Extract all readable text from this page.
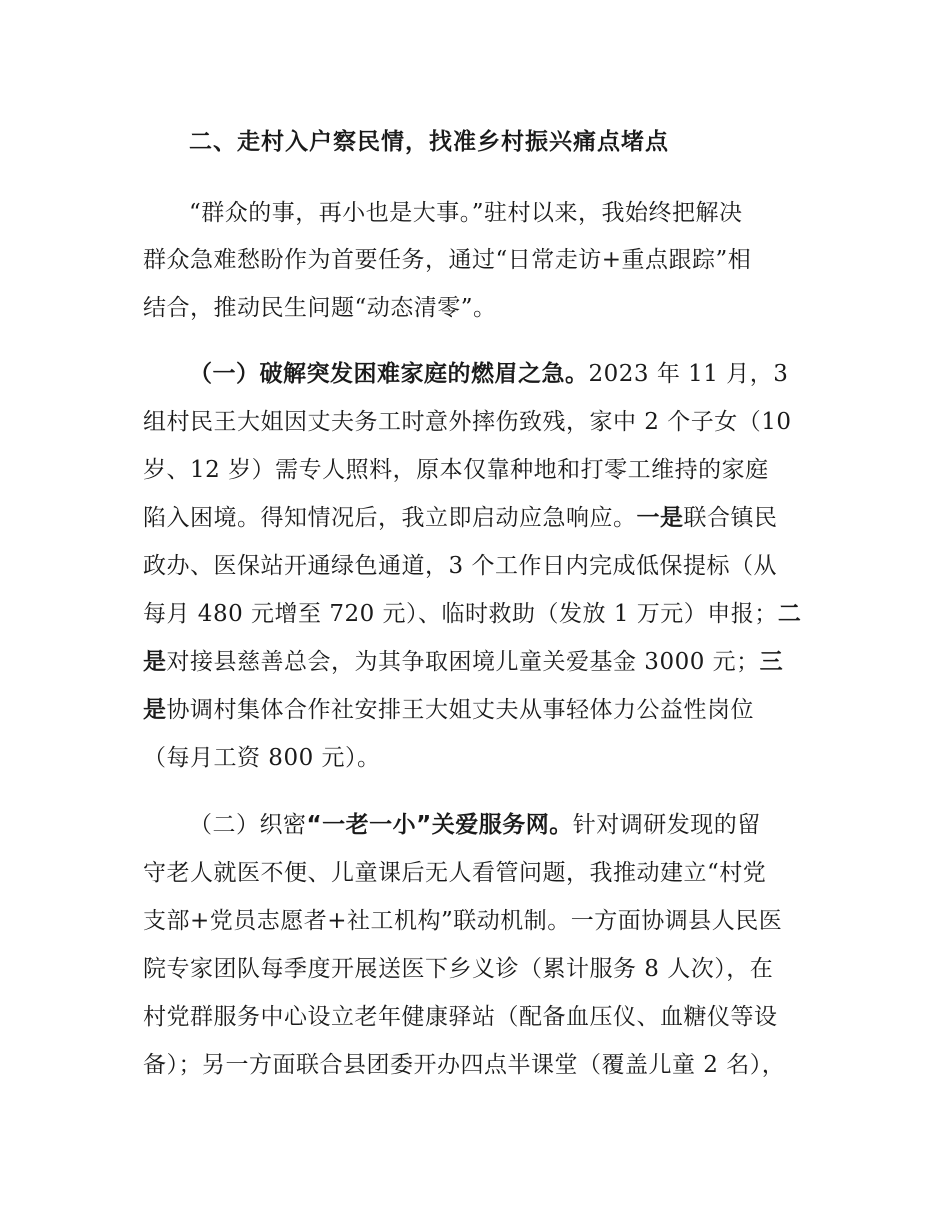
二、走村入户察民情，找准乡村振兴痛点堵点
“群众的事，再小也是大事。”驻村以来，我始终把解决
群众急难愁盼作为首要任务，通过“日常走访+重点跟踪”相
结合，推动民生问题“动态清零”。
（一）破解突发困难家庭的燃眉之急。2023 年 11 月，3
组村民王大姐因丈夫务工时意外摔伤致残，家中 2 个子女（10
岁、12 岁）需专人照料，原本仅靠种地和打零工维持的家庭
陷入困境。得知情况后，我立即启动应急响应。一是联合镇民
政办、医保站开通绿色通道，3 个工作日内完成低保提标（从
每月 480 元增至 720 元）、临时救助（发放 1 万元）申报；二
是对接县慈善总会，为其争取困境儿童关爱基金 3000 元；三
是协调村集体合作社安排王大姐丈夫从事轻体力公益性岗位
（每月工资 800 元）。
（二）织密“一老一小”关爱服务网。针对调研发现的留
守老人就医不便、儿童课后无人看管问题，我推动建立“村党
支部+党员志愿者+社工机构”联动机制。一方面协调县人民医
院专家团队每季度开展送医下乡义诊（累计服务 8 人次），在
村党群服务中心设立老年健康驿站（配备血压仪、血糖仪等设
备）；另一方面联合县团委开办四点半课堂（覆盖儿童 2 名），
